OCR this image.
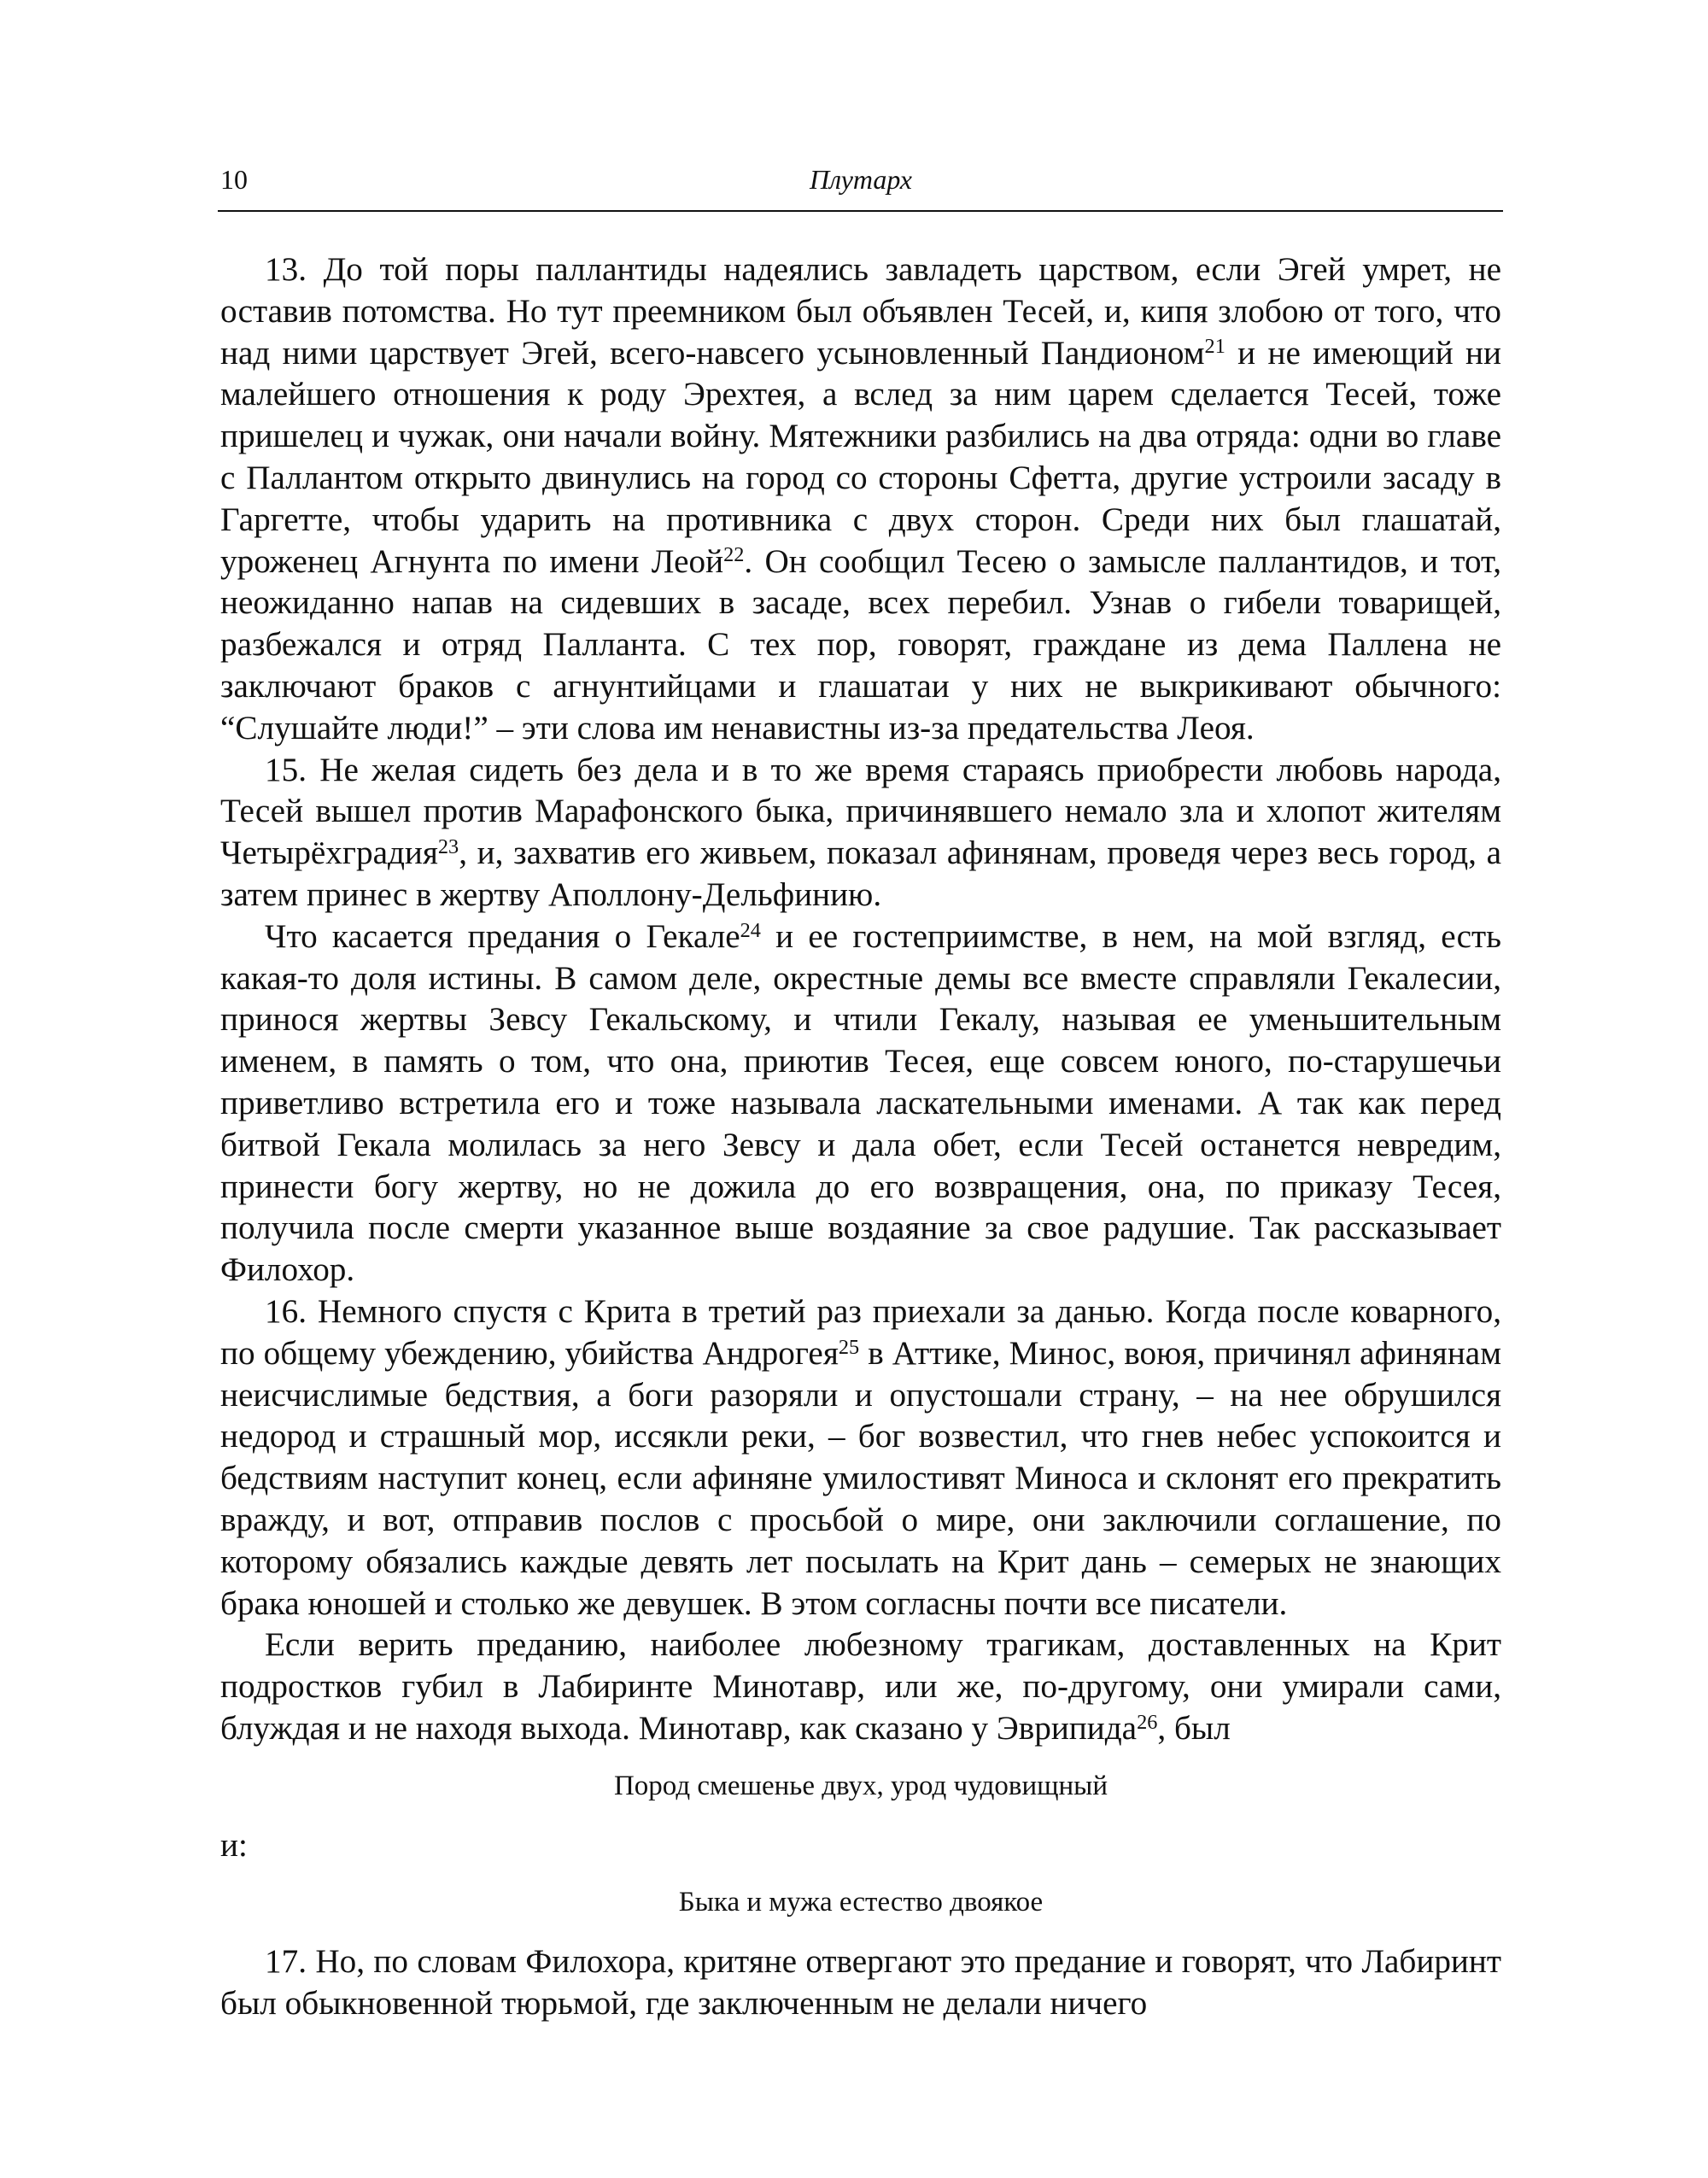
10	Плутарх

13. До той поры паллантиды надеялись завладеть царством, если Эгей умрет, не оставив потомства. Но тут преемником был объявлен Тесей, и, кипя злобою от того, что над ними царствует Эгей, всего-навсего усыновленный Пандионом$^{21}$ и не имеющий ни малейшего отношения к роду Эрехтея, а вслед за ним царем сделается Тесей, тоже пришелец и чужак, они начали войну. Мятежники разбились на два отряда: одни во главе с Паллантом открыто двинулись на город со стороны Сфетта, другие устроили засаду в Гаргетте, чтобы ударить на противника с двух сторон. Среди них был глашатай, уроженец Агнунта по имени Леой$^{22}$. Он сообщил Тесею о замысле паллантидов, и тот, неожиданно напав на сидевших в засаде, всех перебил. Узнав о гибели товарищей, разбежался и отряд Палланта. С тех пор, говорят, граждане из дема Паллена не заключают браков с агнунтийцами и глашатаи у них не выкрикивают обычного: “Слушайте люди!” – эти слова им ненавистны из-за предательства Леоя.

15. Не желая сидеть без дела и в то же время стараясь приобрести любовь народа, Тесей вышел против Марафонского быка, причинявшего немало зла и хлопот жителям Четырёхградия$^{23}$, и, захватив его живьем, показал афинянам, проведя через весь город, а затем принес в жертву Аполлону-Дельфинию.

Что касается предания о Гекале$^{24}$ и ее гостеприимстве, в нем, на мой взгляд, есть какая-то доля истины. В самом деле, окрестные демы все вместе справляли Гекалесии, принося жертвы Зевсу Гекальскому, и чтили Гекалу, называя ее уменьшительным именем, в память о том, что она, приютив Тесея, еще совсем юного, по-старушечьи приветливо встретила его и тоже называла ласкательными именами. А так как перед битвой Гекала молилась за него Зевсу и дала обет, если Тесей останется невредим, принести богу жертву, но не дожила до его возвращения, она, по приказу Тесея, получила после смерти указанное выше воздаяние за свое радушие. Так рассказывает Филохор.

16. Немного спустя с Крита в третий раз приехали за данью. Когда после коварного, по общему убеждению, убийства Андрогея$^{25}$ в Аттике, Минос, воюя, причинял афинянам неисчислимые бедствия, а боги разоряли и опустошали страну, – на нее обрушился недород и страшный мор, иссякли реки, – бог возвестил, что гнев небес успокоится и бедствиям наступит конец, если афиняне умилостивят Миноса и склонят его прекратить вражду, и вот, отправив послов с просьбой о мире, они заключили соглашение, по которому обязались каждые девять лет посылать на Крит дань – семерых не знающих брака юношей и столько же девушек. В этом согласны почти все писатели.

Если верить преданию, наиболее любезному трагикам, доставленных на Крит подростков губил в Лабиринте Минотавр, или же, по-другому, они умирали сами, блуждая и не находя выхода. Минотавр, как сказано у Эврипида$^{26}$, был

Пород смешенье двух, урод чудовищный

и:

Быка и мужа естество двоякое

17. Но, по словам Филохора, критяне отвергают это предание и говорят, что Лабиринт был обыкновенной тюрьмой, где заключенным не делали ничего
